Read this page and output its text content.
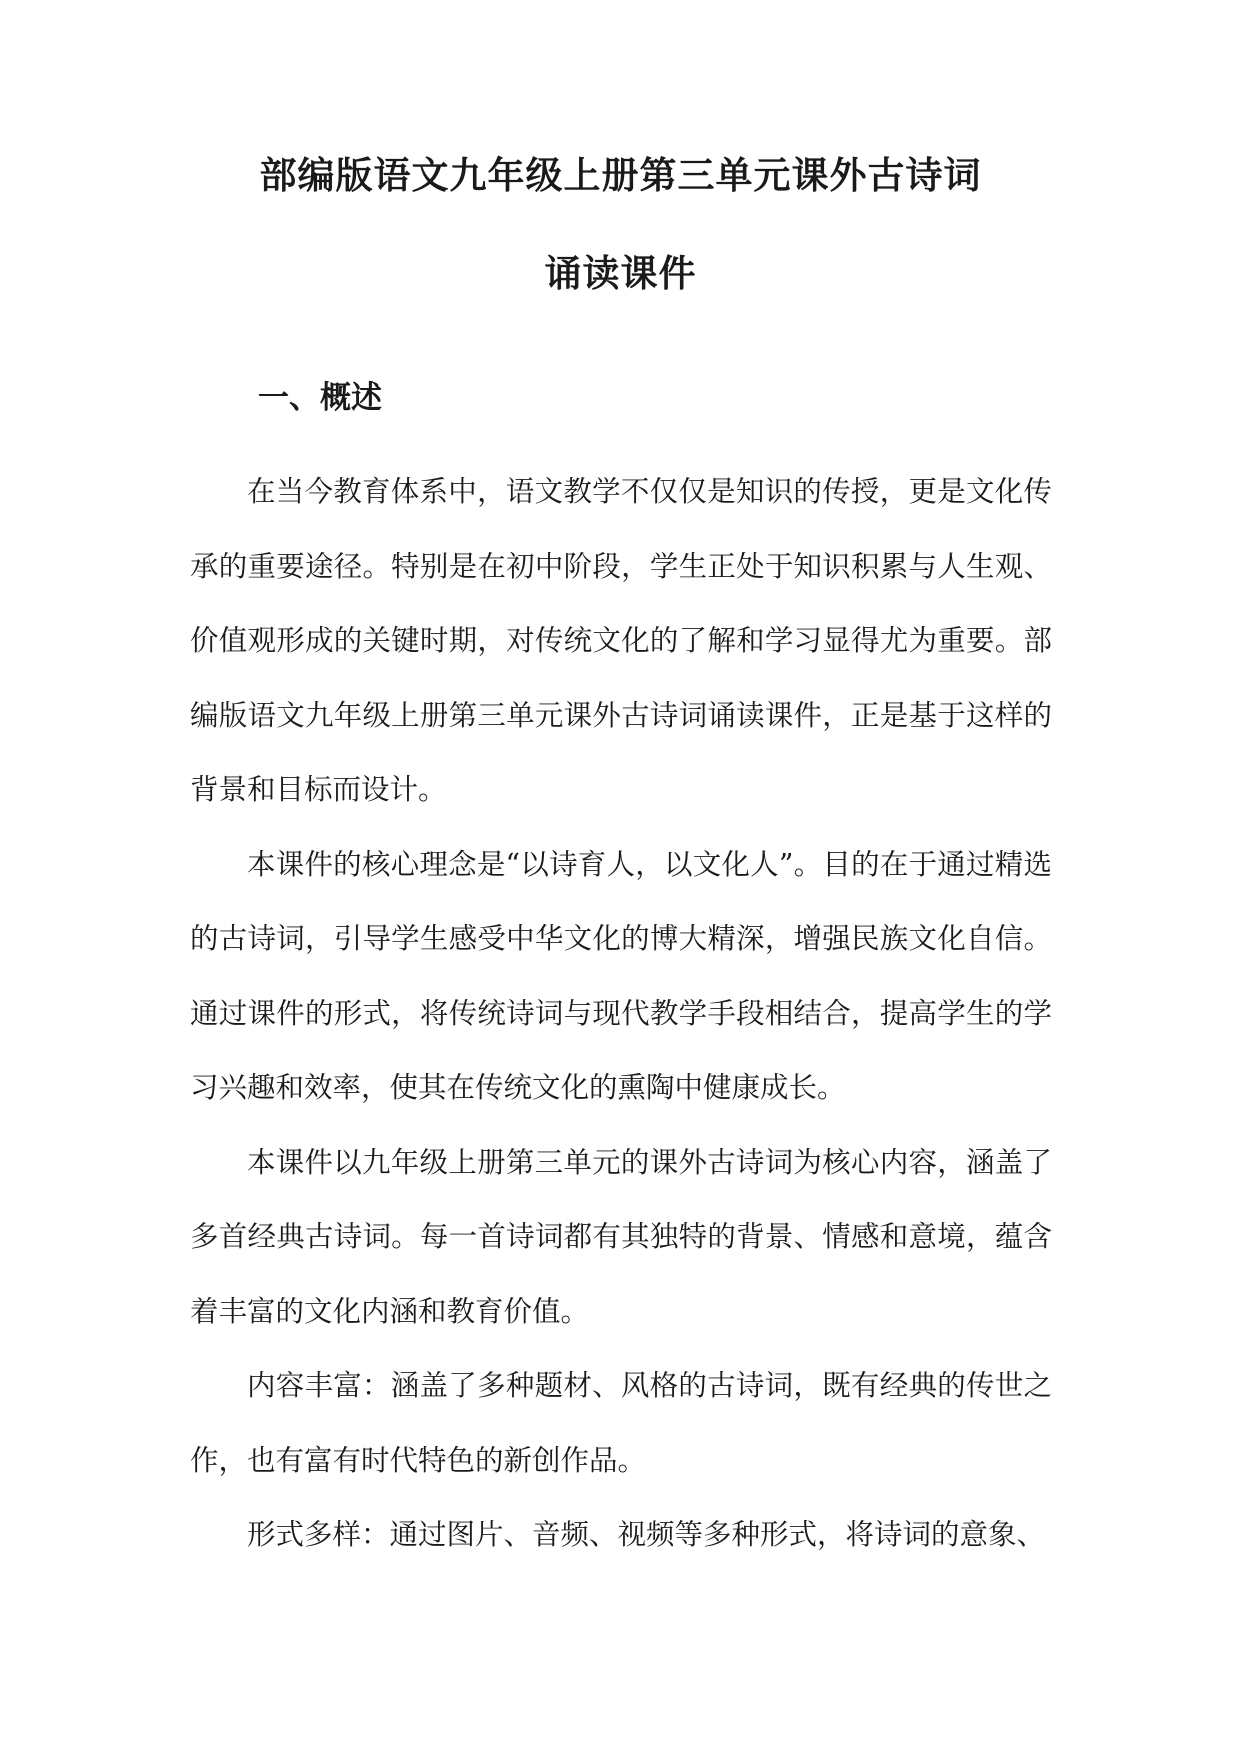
部编版语文九年级上册第三单元课外古诗词
诵读课件
一、概述

在当今教育体系中，语文教学不仅仅是知识的传授，更是文化传承的重要途径。特别是在初中阶段，学生正处于知识积累与人生观、价值观形成的关键时期，对传统文化的了解和学习显得尤为重要。部编版语文九年级上册第三单元课外古诗词诵读课件，正是基于这样的背景和目标而设计。

本课件的核心理念是“以诗育人，以文化人”。目的在于通过精选的古诗词，引导学生感受中华文化的博大精深，增强民族文化自信。通过课件的形式，将传统诗词与现代教学手段相结合，提高学生的学习兴趣和效率，使其在传统文化的熏陶中健康成长。

本课件以九年级上册第三单元的课外古诗词为核心内容，涵盖了多首经典古诗词。每一首诗词都有其独特的背景、情感和意境，蕴含着丰富的文化内涵和教育价值。

内容丰富：涵盖了多种题材、风格的古诗词，既有经典的传世之作，也有富有时代特色的新创作品。

形式多样：通过图片、音频、视频等多种形式，将诗词的意象、
